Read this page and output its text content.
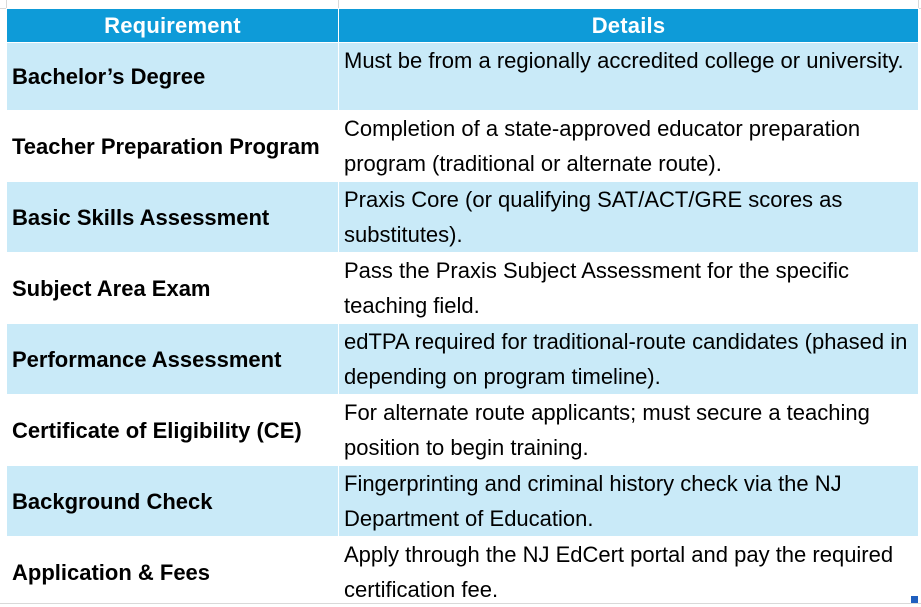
Requirement	Details
Bachelor’s Degree	Must be from a regionally accredited college or university.
Teacher Preparation Program	Completion of a state-approved educator preparation program (traditional or alternate route).
Basic Skills Assessment	Praxis Core (or qualifying SAT/ACT/GRE scores as substitutes).
Subject Area Exam	Pass the Praxis Subject Assessment for the specific teaching field.
Performance Assessment	edTPA required for traditional-route candidates (phased in depending on program timeline).
Certificate of Eligibility (CE)	For alternate route applicants; must secure a teaching position to begin training.
Background Check	Fingerprinting and criminal history check via the NJ Department of Education.
Application & Fees	Apply through the NJ EdCert portal and pay the required certification fee.
